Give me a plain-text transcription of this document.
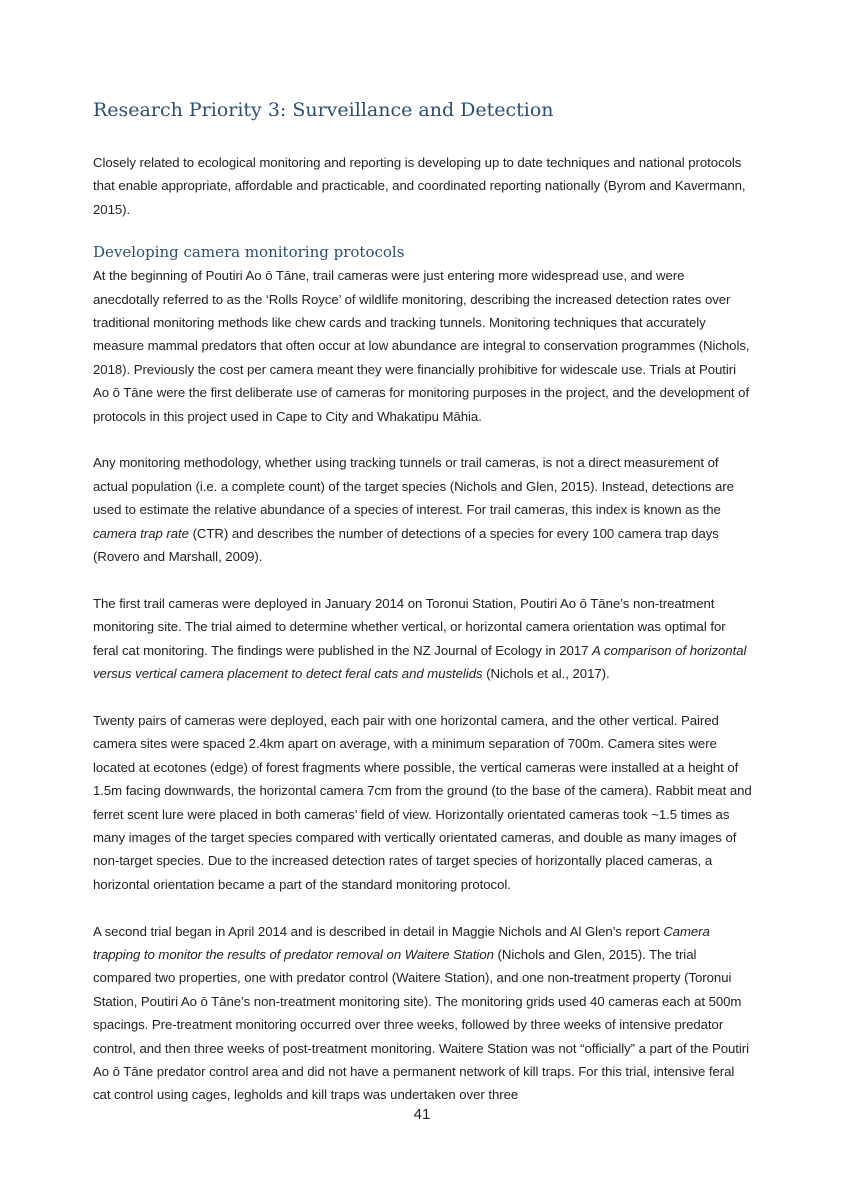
Research Priority 3: Surveillance and Detection

Closely related to ecological monitoring and reporting is developing up to date techniques and national protocols that enable appropriate, affordable and practicable, and coordinated reporting nationally (Byrom and Kavermann, 2015).

Developing camera monitoring protocols

At the beginning of Poutiri Ao ō Tāne, trail cameras were just entering more widespread use, and were anecdotally referred to as the ‘Rolls Royce’ of wildlife monitoring, describing the increased detection rates over traditional monitoring methods like chew cards and tracking tunnels. Monitoring techniques that accurately measure mammal predators that often occur at low abundance are integral to conservation programmes (Nichols, 2018). Previously the cost per camera meant they were financially prohibitive for widescale use. Trials at Poutiri Ao ō Tāne were the first deliberate use of cameras for monitoring purposes in the project, and the development of protocols in this project used in Cape to City and Whakatipu Māhia.

Any monitoring methodology, whether using tracking tunnels or trail cameras, is not a direct measurement of actual population (i.e. a complete count) of the target species (Nichols and Glen, 2015). Instead, detections are used to estimate the relative abundance of a species of interest. For trail cameras, this index is known as the camera trap rate (CTR) and describes the number of detections of a species for every 100 camera trap days (Rovero and Marshall, 2009).

The first trail cameras were deployed in January 2014 on Toronui Station, Poutiri Ao ō Tāne’s non-treatment monitoring site. The trial aimed to determine whether vertical, or horizontal camera orientation was optimal for feral cat monitoring. The findings were published in the NZ Journal of Ecology in 2017 A comparison of horizontal versus vertical camera placement to detect feral cats and mustelids (Nichols et al., 2017).

Twenty pairs of cameras were deployed, each pair with one horizontal camera, and the other vertical. Paired camera sites were spaced 2.4km apart on average, with a minimum separation of 700m. Camera sites were located at ecotones (edge) of forest fragments where possible, the vertical cameras were installed at a height of 1.5m facing downwards, the horizontal camera 7cm from the ground (to the base of the camera). Rabbit meat and ferret scent lure were placed in both cameras’ field of view. Horizontally orientated cameras took ~1.5 times as many images of the target species compared with vertically orientated cameras, and double as many images of non-target species. Due to the increased detection rates of target species of horizontally placed cameras, a horizontal orientation became a part of the standard monitoring protocol.

A second trial began in April 2014 and is described in detail in Maggie Nichols and Al Glen’s report Camera trapping to monitor the results of predator removal on Waitere Station (Nichols and Glen, 2015). The trial compared two properties, one with predator control (Waitere Station), and one non-treatment property (Toronui Station, Poutiri Ao ō Tāne’s non-treatment monitoring site). The monitoring grids used 40 cameras each at 500m spacings. Pre-treatment monitoring occurred over three weeks, followed by three weeks of intensive predator control, and then three weeks of post-treatment monitoring. Waitere Station was not “officially” a part of the Poutiri Ao ō Tāne predator control area and did not have a permanent network of kill traps. For this trial, intensive feral cat control using cages, legholds and kill traps was undertaken over three

41
